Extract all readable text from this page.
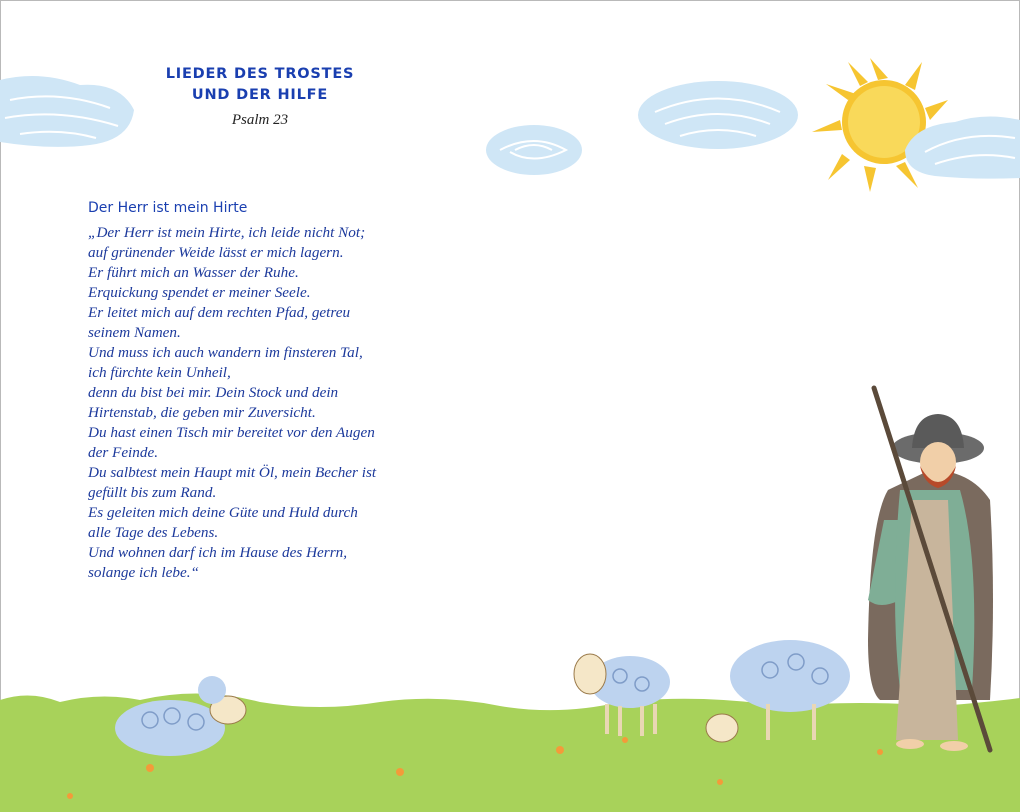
LIEDER DES TROSTES
UND DER HILFE
Psalm 23
Der Herr ist mein Hirte
„Der Herr ist mein Hirte, ich leide nicht Not;
auf grünender Weide lässt er mich lagern.
Er führt mich an Wasser der Ruhe.
Erquickung spendet er meiner Seele.
Er leitet mich auf dem rechten Pfad, getreu
seinem Namen.
Und muss ich auch wandern im finsteren Tal,
ich fürchte kein Unheil,
denn du bist bei mir. Dein Stock und dein
Hirtenstab, die geben mir Zuversicht.
Du hast einen Tisch mir bereitet vor den Augen
der Feinde.
Du salbtest mein Haupt mit Öl, mein Becher ist
gefüllt bis zum Rand.
Es geleiten mich deine Güte und Huld durch
alle Tage des Lebens.
Und wohnen darf ich im Hause des Herrn,
solange ich lebe.“
